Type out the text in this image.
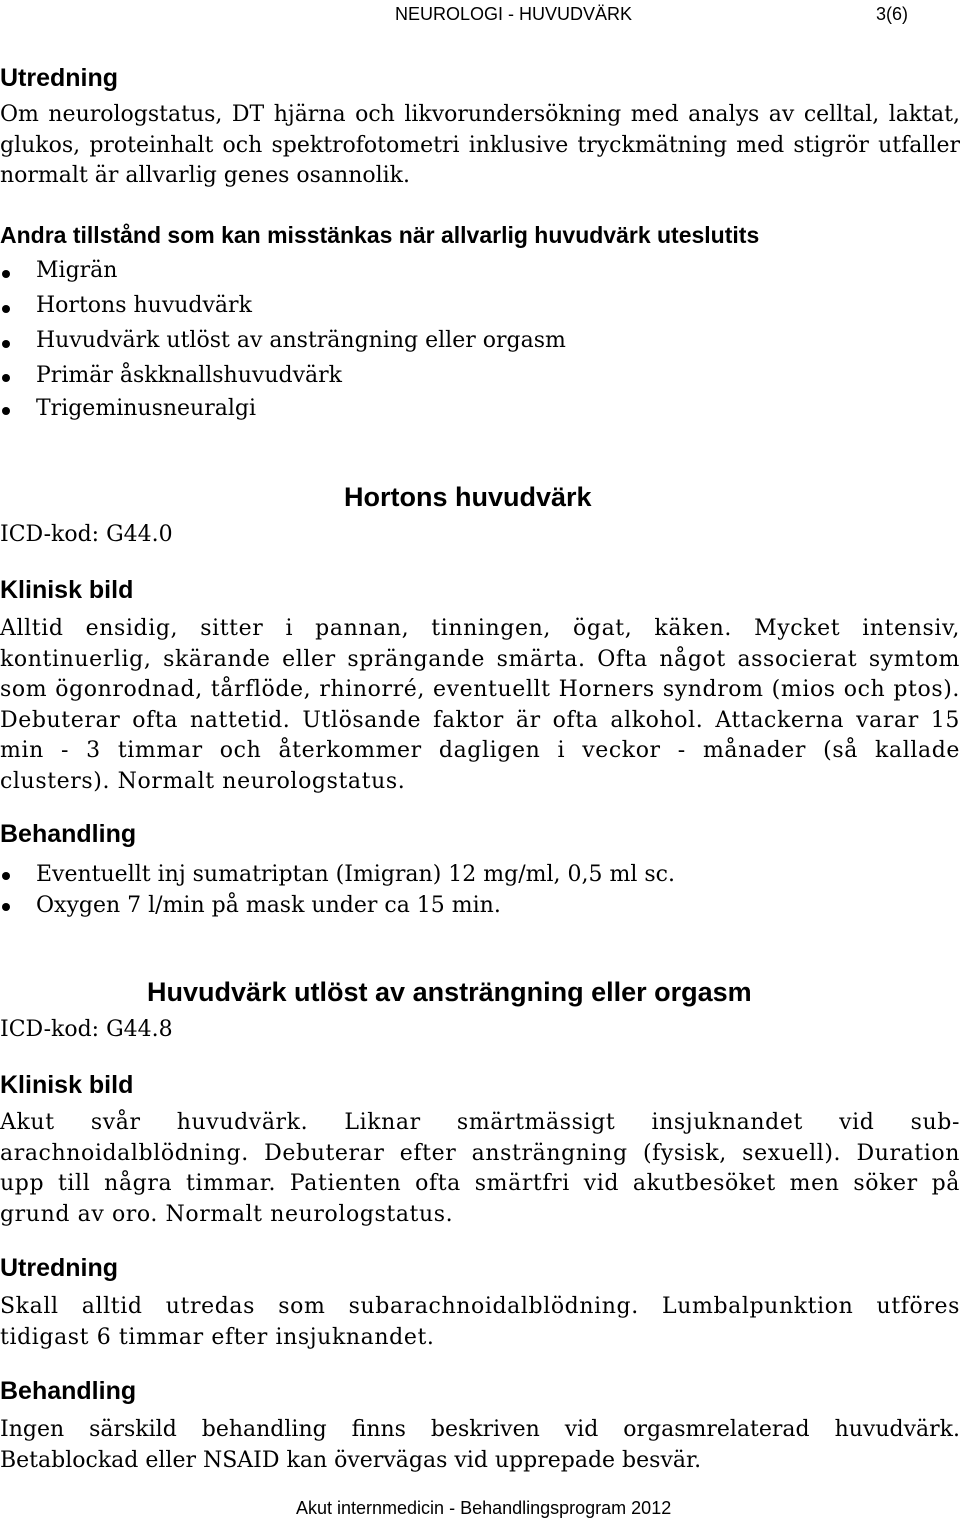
NEUROLOGI - HUVUDVÄRK	3(6)
Utredning
Om neurologstatus, DT hjärna och likvorundersökning med analys av celltal, laktat, glukos, proteinhalt och spektrofotometri inklusive tryckmätning med stigrör utfaller normalt är allvarlig genes osannolik.
Andra tillstånd som kan misstänkas när allvarlig huvudvärk uteslutits
Migrän
Hortons huvudvärk
Huvudvärk utlöst av ansträngning eller orgasm
Primär åskknallshuvudvärk
Trigeminusneuralgi
Hortons huvudvärk
ICD-kod: G44.0
Klinisk bild
Alltid ensidig, sitter i pannan, tinningen, ögat, käken. Mycket intensiv, kontinuerlig, skärande eller sprängande smärta. Ofta något associerat symtom som ögonrodnad, tårflöde, rhinorré, eventuellt Horners syndrom (mios och ptos). Debuterar ofta nattetid. Utlösande faktor är ofta alkohol. Attackerna varar 15 min - 3 timmar och återkommer dagligen i veckor - månader (så kallade clusters). Normalt neurologstatus.
Behandling
Eventuellt inj sumatriptan (Imigran) 12 mg/ml, 0,5 ml sc.
Oxygen 7 l/min på mask under ca 15 min.
Huvudvärk utlöst av ansträngning eller orgasm
ICD-kod: G44.8
Klinisk bild
Akut svår huvudvärk. Liknar smärtmässigt insjuknandet vid sub-arachnoidalblödning. Debuterar efter ansträngning (fysisk, sexuell). Duration upp till några timmar. Patienten ofta smärtfri vid akutbesöket men söker på grund av oro. Normalt neurologstatus.
Utredning
Skall alltid utredas som subarachnoidalblödning. Lumbalpunktion utföres tidigast 6 timmar efter insjuknandet.
Behandling
Ingen särskild behandling finns beskriven vid orgasmrelaterad huvudvärk. Betablockad eller NSAID kan övervägas vid upprepade besvär.
Akut internmedicin - Behandlingsprogram 2012
